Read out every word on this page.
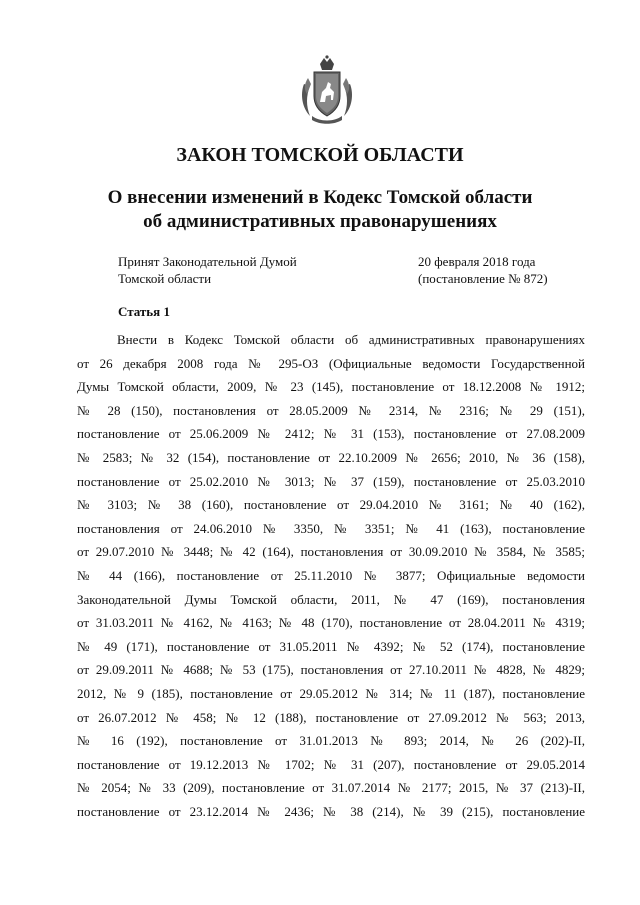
ЗАКОН ТОМСКОЙ ОБЛАСТИ
О внесении изменений в Кодекс Томской области
об административных правонарушениях
Принят Законодательной Думой
Томской области
20 февраля 2018 года
(постановление № 872)
Статья 1
Внести в Кодекс Томской области об административных правонарушениях
от 26 декабря 2008 года № 295-ОЗ (Официальные ведомости Государственной
Думы Томской области, 2009, № 23 (145), постановление от 18.12.2008 № 1912;
№ 28 (150), постановления от 28.05.2009 № 2314, № 2316; № 29 (151),
постановление от 25.06.2009 № 2412; № 31 (153), постановление от 27.08.2009
№ 2583; № 32 (154), постановление от 22.10.2009 № 2656; 2010, № 36 (158),
постановление от 25.02.2010 № 3013; № 37 (159), постановление от 25.03.2010
№ 3103; № 38 (160), постановление от 29.04.2010 № 3161; № 40 (162),
постановления от 24.06.2010 № 3350, № 3351; № 41 (163), постановление
от 29.07.2010 № 3448; № 42 (164), постановления от 30.09.2010 № 3584, № 3585;
№ 44 (166), постановление от 25.11.2010 № 3877; Официальные ведомости
Законодательной Думы Томской области, 2011, № 47 (169), постановления
от 31.03.2011 № 4162, № 4163; № 48 (170), постановление от 28.04.2011 № 4319;
№ 49 (171), постановление от 31.05.2011 № 4392; № 52 (174), постановление
от 29.09.2011 № 4688; № 53 (175), постановления от 27.10.2011 № 4828, № 4829;
2012, № 9 (185), постановление от 29.05.2012 № 314; № 11 (187), постановление
от 26.07.2012 № 458; № 12 (188), постановление от 27.09.2012 № 563; 2013,
№ 16 (192), постановление от 31.01.2013 № 893; 2014, № 26 (202)-II,
постановление от 19.12.2013 № 1702; № 31 (207), постановление от 29.05.2014
№ 2054; № 33 (209), постановление от 31.07.2014 № 2177; 2015, № 37 (213)-II,
постановление от 23.12.2014 № 2436; № 38 (214), № 39 (215), постановление
